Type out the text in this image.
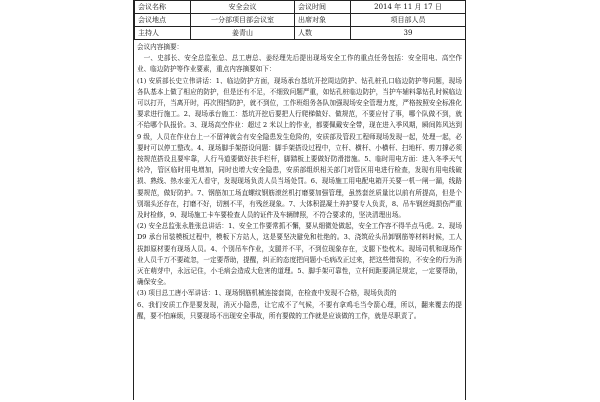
会议名称	安全会议	会议时间	2014 年 11 月 17 日
会议地点	一分部项目部会议室	出席对象	项目部人员
主持人	姜青山	人数	39

会议内容摘要：

一、史部长、安全总监张总、总工唐总、姜经理先后提出现场安全工作的重点任务包括：安全用电、高空作业、临边防护等作业要素，重点内容摘要如下：

(1) 安质部长史立伟讲话：1、临边防护方面，现场承台基坑开挖周边防护、钻孔桩孔口临边防护等问题，现场各队基本上做了相应的防护，但是还有不足，不细致问题严重，如钻孔桩临边防护，当护车辅料靠钻孔时候临边可以打开，当离开时，再次围挡防护，就不到位，工作班组务各队加强现场安全管理力度，严格按照安全标准化要求进行施工。2、现场承台施工：基坑开挖后要把人行爬梯做好、做规范，不要应付了事，哪个队做不到，就不给哪个队报价。3、现场高空作业：超过 2 米以上的作业，都要佩戴安全带，现在进入季风期，瞬间阵风达到 9 级，人员在作业台上一不留神就会有安全隐患发生危险的，安质部及管段工程师现场发现一起，处理一起，必要时可以停工整改。4、现场脚手架搭设问题：脚手架搭设过程中，立杆、横杆、小横杆、扫地杆、剪刀撑必须按规范搭设且要牢靠，人行马道要做好扶手栏杆，脚踏板上要做好防滑措施。5、临时用电方面：进入冬季天气转冷，管区临时用电增加，同时也增大安全隐患，安质部组织相关部门对管区用电进行检查，发现有用电线破损、熟线、热水壶无人看守，发现现场负责人员当场处罚。6、现场施工用电配电箱开关要一机一闸一漏，线路要规范，做好防护。7、钢筋加工场直螺纹钢筋滚丝机打磨要加强管理，虽然套丝质量比以前有所提高，但是个别端头还存在，打磨不好，切割不平，有残丝现象。7、大体积混凝土养护要专人负责，8、吊车钢丝绳损伤严重及时检修，9、现场施工卡车要检查人员的证件及车辆牌照，不符合要求的，坚决清理出场。

(2) 安全总监张永胜张总讲话：1、安全工作要常抓不懈，要从细微处做起，安全工作容不得半点马虎。2、现场 D9 承台吊装模板过程中，模板下方站人，这是要坚决避免和杜绝的。3、浇筑砼头吊卸钢筋等材料时候，工人拔卸原材要有现场人员。4、个别吊车作业，支腿并不平，不到位现象存在，支腿下垫枕木。现场司机和现场作业人员千万不要疏忽，一定要帮助，提醒，纠正的态度把问题小毛病改正过来，把这些错误的，不安全的行为消灭在萌芽中，永远记住，小毛病会造成大危害的道理。5、脚手架可靠性，立杆间距要满足规定，一定要帮助，确保安全。

(3) 项目总工唐小军讲话：1、现场钢筋机械连接套筒，在检查中发现不合格，现场负责的

6、我们安质工作是要发现，消灭小隐患，让它成不了气候，不要有拿鸡毛当令箭心理，所以，翻来覆去的提醒，要不怕麻烦，只要现场不出现安全事故，所有要做的工作就是应该做的工作，就是尽职责了。
